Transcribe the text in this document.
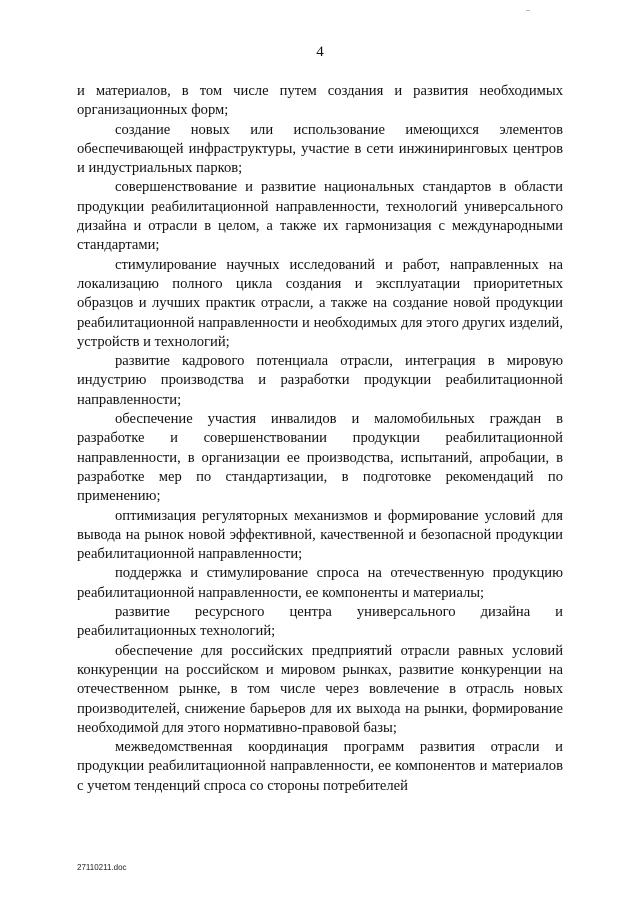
4

и материалов, в том числе путем создания и развития необходимых организационных форм;

создание новых или использование имеющихся элементов обеспечивающей инфраструктуры, участие в сети инжиниринговых центров и индустриальных парков;

совершенствование и развитие национальных стандартов в области продукции реабилитационной направленности, технологий универсального дизайна и отрасли в целом, а также их гармонизация с международными стандартами;

стимулирование научных исследований и работ, направленных на локализацию полного цикла создания и эксплуатации приоритетных образцов и лучших практик отрасли, а также на создание новой продукции реабилитационной направленности и необходимых для этого других изделий, устройств и технологий;

развитие кадрового потенциала отрасли, интеграция в мировую индустрию производства и разработки продукции реабилитационной направленности;

обеспечение участия инвалидов и маломобильных граждан в разработке и совершенствовании продукции реабилитационной направленности, в организации ее производства, испытаний, апробации, в разработке мер по стандартизации, в подготовке рекомендаций по применению;

оптимизация регуляторных механизмов и формирование условий для вывода на рынок новой эффективной, качественной и безопасной продукции реабилитационной направленности;

поддержка и стимулирование спроса на отечественную продукцию реабилитационной направленности, ее компоненты и материалы;

развитие ресурсного центра универсального дизайна и реабилитационных технологий;

обеспечение для российских предприятий отрасли равных условий конкуренции на российском и мировом рынках, развитие конкуренции на отечественном рынке, в том числе через вовлечение в отрасль новых производителей, снижение барьеров для их выхода на рынки, формирование необходимой для этого нормативно-правовой базы;

межведомственная координация программ развития отрасли и продукции реабилитационной направленности, ее компонентов и материалов с учетом тенденций спроса со стороны потребителей

27110211.doc
